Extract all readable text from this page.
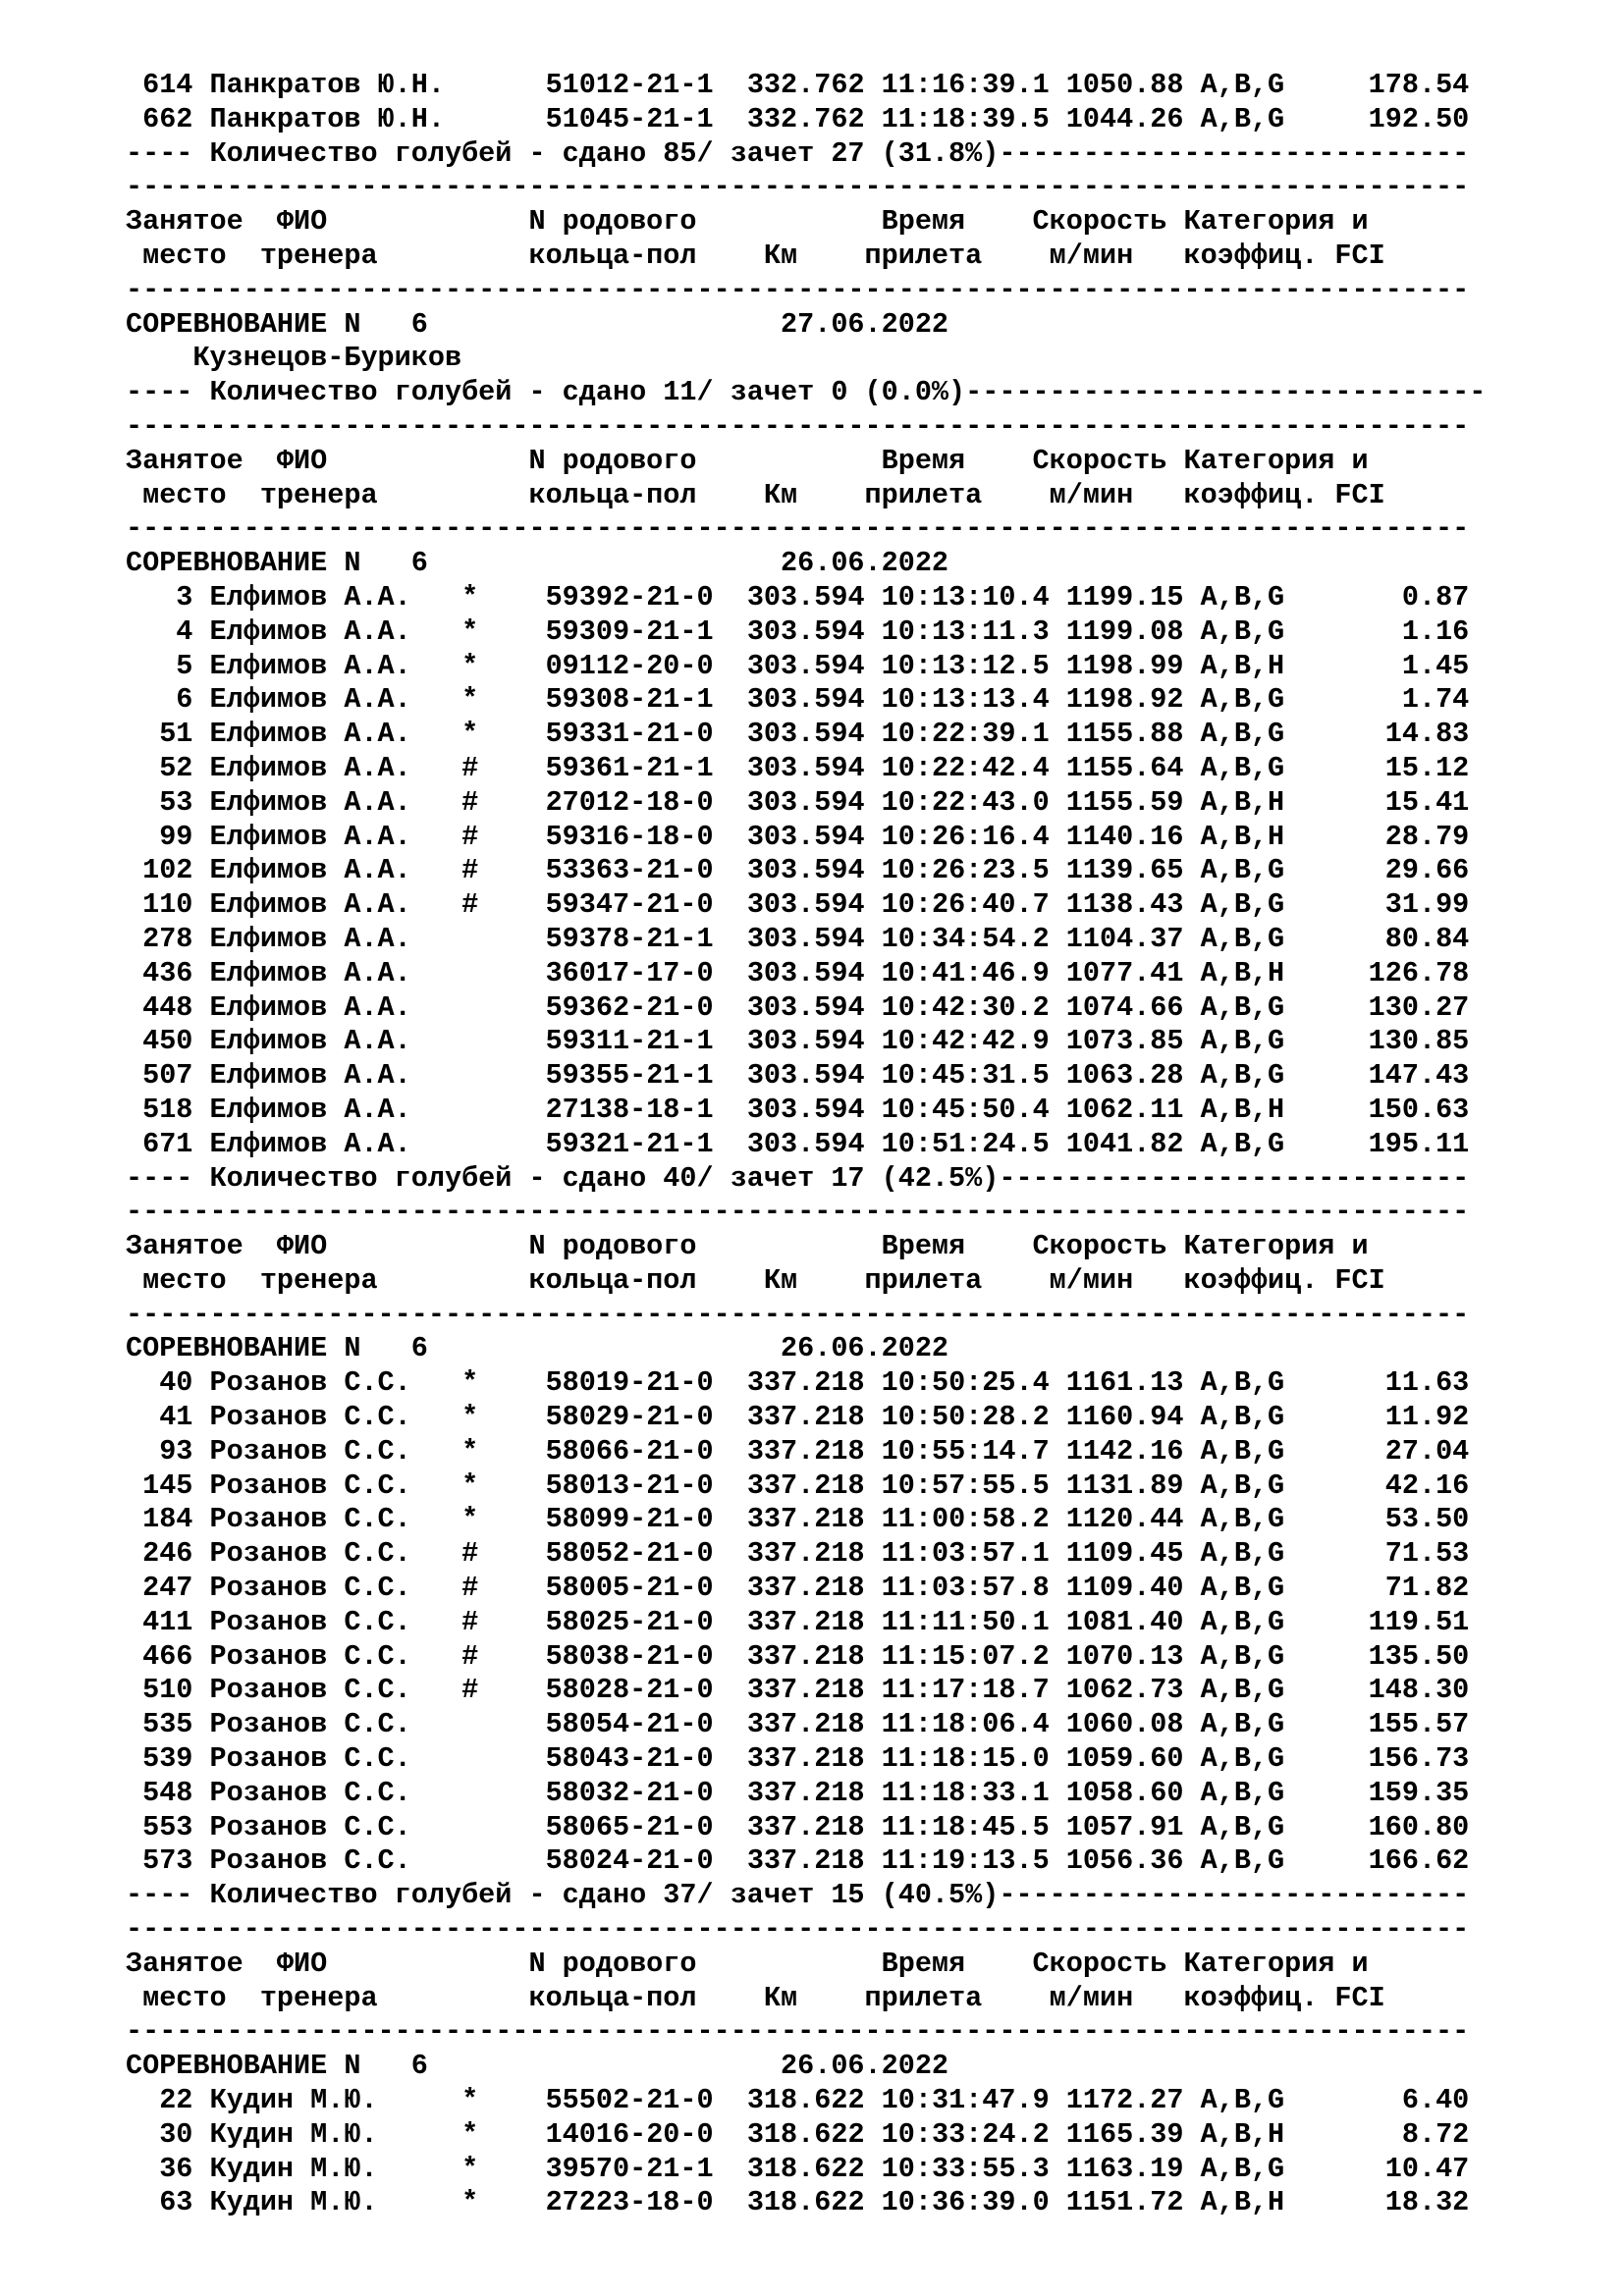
614 Панкратов Ю.Н.      51012-21-1  332.762 11:16:39.1 1050.88 A,B,G     178.54
662 Панкратов Ю.Н.      51045-21-1  332.762 11:18:39.5 1044.26 A,B,G     192.50
---- Количество голубей - сдано 85/ зачет 27 (31.8%)----------------------------
--------------------------------------------------------------------------------
Занятое  ФИО            N родового           Время    Скорость Категория и
место  тренера         кольца-пол    Км    прилета    м/мин   коэффиц. FCI
--------------------------------------------------------------------------------
СОРЕВНОВАНИЕ N   6                     27.06.2022
Кузнецов-Буриков
---- Количество голубей - сдано 11/ зачет 0 (0.0%)-------------------------------
--------------------------------------------------------------------------------
Занятое  ФИО            N родового           Время    Скорость Категория и
место  тренера         кольца-пол    Км    прилета    м/мин   коэффиц. FCI
--------------------------------------------------------------------------------
СОРЕВНОВАНИЕ N   6                     26.06.2022
3 Елфимов А.А.   *    59392-21-0  303.594 10:13:10.4 1199.15 A,B,G       0.87
4 Елфимов А.А.   *    59309-21-1  303.594 10:13:11.3 1199.08 A,B,G       1.16
5 Елфимов А.А.   *    09112-20-0  303.594 10:13:12.5 1198.99 A,B,H       1.45
6 Елфимов А.А.   *    59308-21-1  303.594 10:13:13.4 1198.92 A,B,G       1.74
51 Елфимов А.А.   *    59331-21-0  303.594 10:22:39.1 1155.88 A,B,G      14.83
52 Елфимов А.А.   #    59361-21-1  303.594 10:22:42.4 1155.64 A,B,G      15.12
53 Елфимов А.А.   #    27012-18-0  303.594 10:22:43.0 1155.59 A,B,H      15.41
99 Елфимов А.А.   #    59316-18-0  303.594 10:26:16.4 1140.16 A,B,H      28.79
102 Елфимов А.А.   #    53363-21-0  303.594 10:26:23.5 1139.65 A,B,G      29.66
110 Елфимов А.А.   #    59347-21-0  303.594 10:26:40.7 1138.43 A,B,G      31.99
278 Елфимов А.А.        59378-21-1  303.594 10:34:54.2 1104.37 A,B,G      80.84
436 Елфимов А.А.        36017-17-0  303.594 10:41:46.9 1077.41 A,B,H     126.78
448 Елфимов А.А.        59362-21-0  303.594 10:42:30.2 1074.66 A,B,G     130.27
450 Елфимов А.А.        59311-21-1  303.594 10:42:42.9 1073.85 A,B,G     130.85
507 Елфимов А.А.        59355-21-1  303.594 10:45:31.5 1063.28 A,B,G     147.43
518 Елфимов А.А.        27138-18-1  303.594 10:45:50.4 1062.11 A,B,H     150.63
671 Елфимов А.А.        59321-21-1  303.594 10:51:24.5 1041.82 A,B,G     195.11
---- Количество голубей - сдано 40/ зачет 17 (42.5%)----------------------------
--------------------------------------------------------------------------------
Занятое  ФИО            N родового           Время    Скорость Категория и
место  тренера         кольца-пол    Км    прилета    м/мин   коэффиц. FCI
--------------------------------------------------------------------------------
СОРЕВНОВАНИЕ N   6                     26.06.2022
40 Розанов С.С.   *    58019-21-0  337.218 10:50:25.4 1161.13 A,B,G      11.63
41 Розанов С.С.   *    58029-21-0  337.218 10:50:28.2 1160.94 A,B,G      11.92
93 Розанов С.С.   *    58066-21-0  337.218 10:55:14.7 1142.16 A,B,G      27.04
145 Розанов С.С.   *    58013-21-0  337.218 10:57:55.5 1131.89 A,B,G      42.16
184 Розанов С.С.   *    58099-21-0  337.218 11:00:58.2 1120.44 A,B,G      53.50
246 Розанов С.С.   #    58052-21-0  337.218 11:03:57.1 1109.45 A,B,G      71.53
247 Розанов С.С.   #    58005-21-0  337.218 11:03:57.8 1109.40 A,B,G      71.82
411 Розанов С.С.   #    58025-21-0  337.218 11:11:50.1 1081.40 A,B,G     119.51
466 Розанов С.С.   #    58038-21-0  337.218 11:15:07.2 1070.13 A,B,G     135.50
510 Розанов С.С.   #    58028-21-0  337.218 11:17:18.7 1062.73 A,B,G     148.30
535 Розанов С.С.        58054-21-0  337.218 11:18:06.4 1060.08 A,B,G     155.57
539 Розанов С.С.        58043-21-0  337.218 11:18:15.0 1059.60 A,B,G     156.73
548 Розанов С.С.        58032-21-0  337.218 11:18:33.1 1058.60 A,B,G     159.35
553 Розанов С.С.        58065-21-0  337.218 11:18:45.5 1057.91 A,B,G     160.80
573 Розанов С.С.        58024-21-0  337.218 11:19:13.5 1056.36 A,B,G     166.62
---- Количество голубей - сдано 37/ зачет 15 (40.5%)----------------------------
--------------------------------------------------------------------------------
Занятое  ФИО            N родового           Время    Скорость Категория и
место  тренера         кольца-пол    Км    прилета    м/мин   коэффиц. FCI
--------------------------------------------------------------------------------
СОРЕВНОВАНИЕ N   6                     26.06.2022
22 Кудин М.Ю.     *    55502-21-0  318.622 10:31:47.9 1172.27 A,B,G       6.40
30 Кудин М.Ю.     *    14016-20-0  318.622 10:33:24.2 1165.39 A,B,H       8.72
36 Кудин М.Ю.     *    39570-21-1  318.622 10:33:55.3 1163.19 A,B,G      10.47
63 Кудин М.Ю.     *    27223-18-0  318.622 10:36:39.0 1151.72 A,B,H      18.32
